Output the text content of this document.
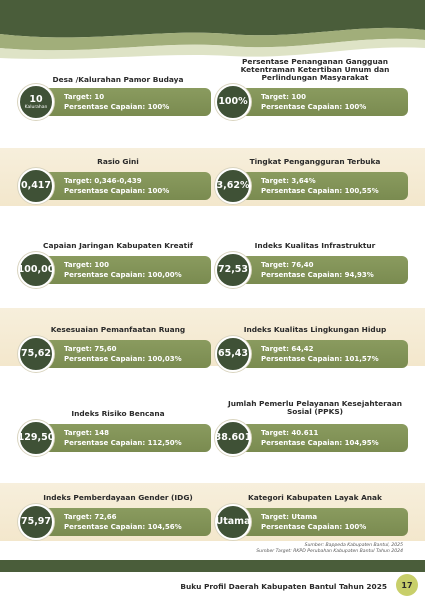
Desa /Kalurahan Pamor Budaya
Target: 10
Persentase Capaian: 100%
10
Kalurahan
Persentase Penanganan Gangguan Ketentraman Ketertiban Umum dan Perlindungan Masyarakat
Target: 100
Persentase Capaian: 100%
100%
Rasio Gini
Target: 0,346-0,439
Persentase Capaian: 100%
0,417
Tingkat Pengangguran Terbuka
Target: 3,64%
Persentase Capaian: 100,55%
3,62%
Capaian Jaringan Kabupaten Kreatif
Target: 100
Persentase Capaian: 100,00%
100,00
Indeks Kualitas Infrastruktur
Target: 76,40
Persentase Capaian: 94,93%
72,53
Kesesuaian Pemanfaatan Ruang
Target: 75,60
Persentase Capaian: 100,03%
75,62
Indeks Kualitas Lingkungan Hidup
Target: 64,42
Persentase Capaian: 101,57%
65,43
Indeks Risiko Bencana
Target: 148
Persentase Capaian: 112,50%
129,50
Jumlah Pemerlu Pelayanan Kesejahteraan Sosial (PPKS)
Target: 40.611
Persentase Capaian: 104,95%
38.601
Indeks Pemberdayaan Gender (IDG)
Target: 72,66
Persentase Capaian: 104,56%
75,97
Kategori Kabupaten Layak Anak
Target: Utama
Persentase Capaian: 100%
Utama
Sumber: Bappeda Kabupaten Bantul, 2025
Sumber Target: RKPD Perubahan Kabupaten Bantul Tahun 2024
Buku Profil Daerah Kabupaten Bantul Tahun 2025 17
